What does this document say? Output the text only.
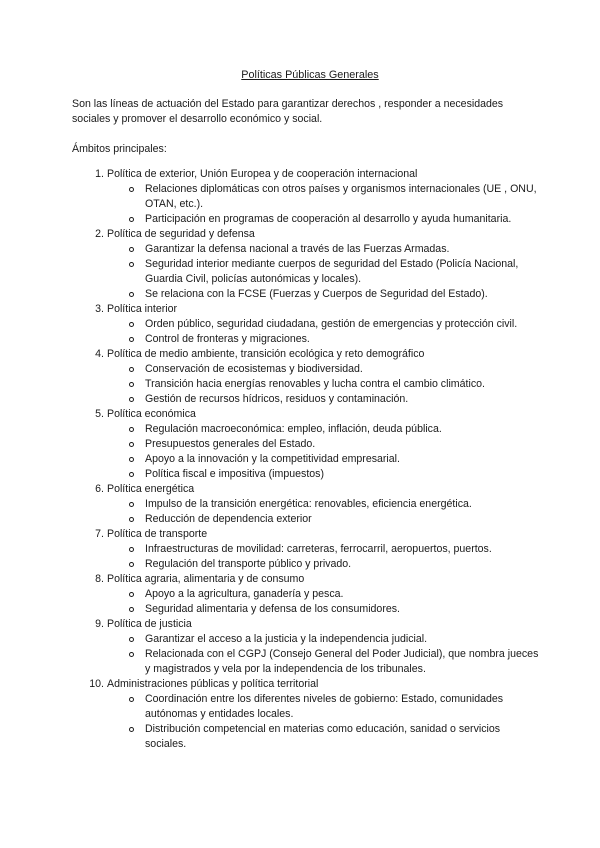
Políticas Públicas Generales
Son las líneas de actuación del Estado para garantizar derechos , responder a necesidades sociales y promover el desarrollo económico y social.
Ámbitos principales:
1. Política de exterior, Unión Europea y de cooperación internacional
Relaciones diplomáticas con otros países y organismos internacionales (UE , ONU, OTAN, etc.).
Participación en programas de cooperación al desarrollo y ayuda humanitaria.
2. Política de seguridad y defensa
Garantizar la defensa nacional a través de las Fuerzas Armadas.
Seguridad interior mediante cuerpos de seguridad del Estado (Policía Nacional, Guardia Civil, policías autonómicas y locales).
Se relaciona con la FCSE (Fuerzas y Cuerpos de Seguridad del Estado).
3. Política interior
Orden público, seguridad ciudadana, gestión de emergencias y protección civil.
Control de fronteras y migraciones.
4. Política de medio ambiente, transición ecológica y reto demográfico
Conservación de ecosistemas y biodiversidad.
Transición hacia energías renovables y lucha contra el cambio climático.
Gestión de recursos hídricos, residuos y contaminación.
5. Política económica
Regulación macroeconómica: empleo, inflación, deuda pública.
Presupuestos generales del Estado.
Apoyo a la innovación y la competitividad empresarial.
Política fiscal e impositiva (impuestos)
6. Política energética
Impulso de la transición energética: renovables, eficiencia energética.
Reducción de dependencia exterior
7. Política de transporte
Infraestructuras de movilidad: carreteras, ferrocarril, aeropuertos, puertos.
Regulación del transporte público y privado.
8. Política agraria, alimentaria y de consumo
Apoyo a la agricultura, ganadería y pesca.
Seguridad alimentaria y defensa de los consumidores.
9. Política de justicia
Garantizar el acceso a la justicia y la independencia judicial.
Relacionada con el CGPJ (Consejo General del Poder Judicial), que nombra jueces y magistrados y vela por la independencia de los tribunales.
10. Administraciones públicas y política territorial
Coordinación entre los diferentes niveles de gobierno: Estado, comunidades autónomas y entidades locales.
Distribución competencial en materias como educación, sanidad o servicios sociales.
